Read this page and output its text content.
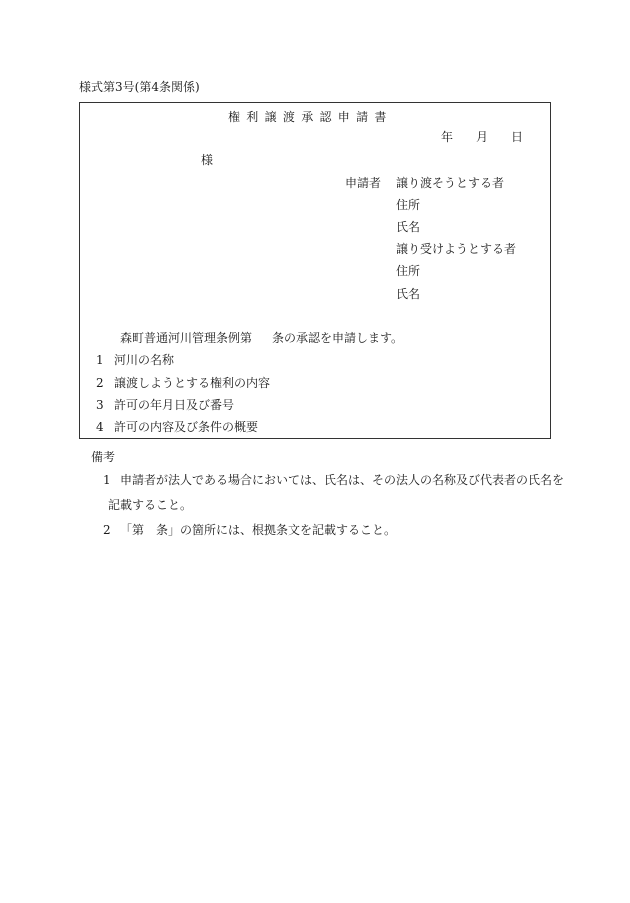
様式第3号(第4条関係)
権利譲渡承認申請書
年 月 日
様
申請者 譲り渡そうとする者
住所
氏名
譲り受けようとする者
住所
氏名
森町普通河川管理条例第 条の承認を申請します。
1 河川の名称
2 譲渡しようとする権利の内容
3 許可の年月日及び番号
4 許可の内容及び条件の概要
備考
1 申請者が法人である場合においては、氏名は、その法人の名称及び代表者の氏名を
記載すること。
2 「第　条」の箇所には、根拠条文を記載すること。
